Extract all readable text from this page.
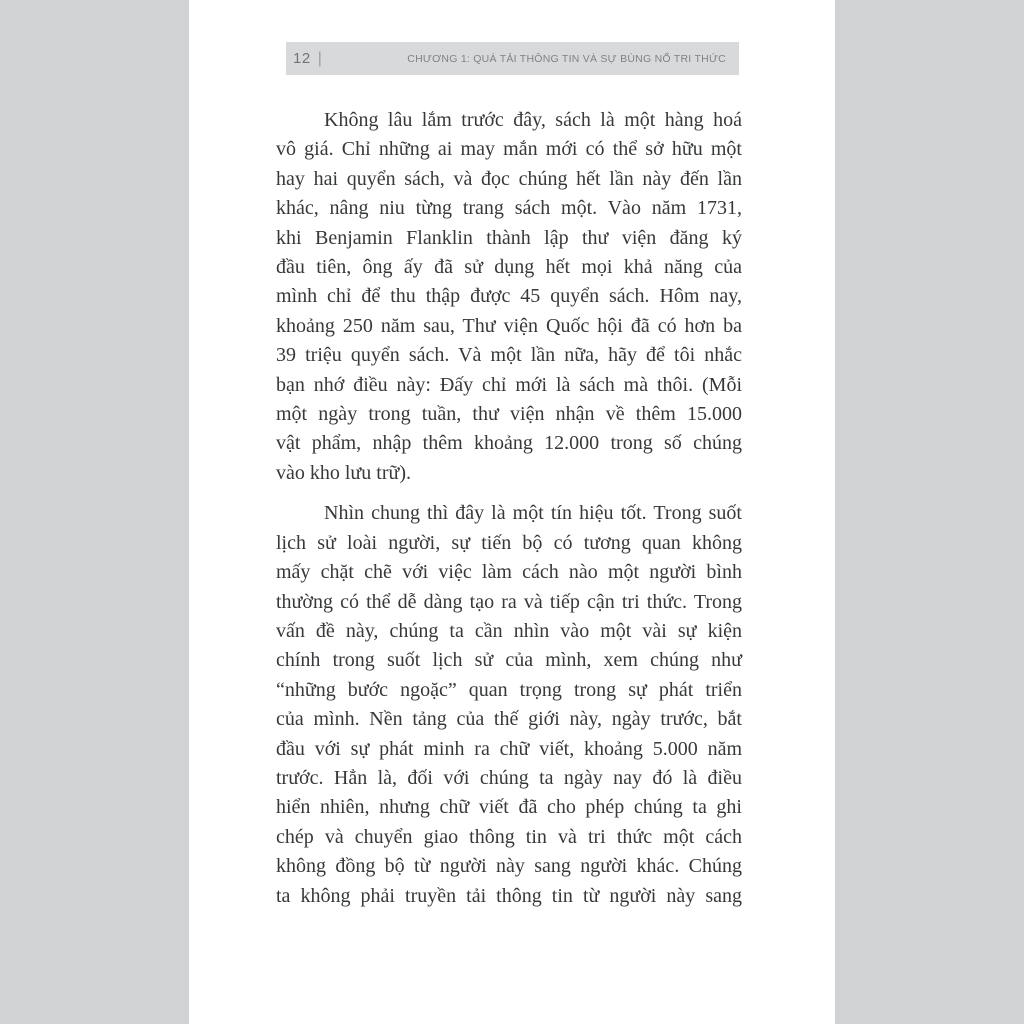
12 |	CHƯƠNG 1: QUÁ TẢI THÔNG TIN VÀ SỰ BÙNG NỔ TRI THỨC
Không lâu lắm trước đây, sách là một hàng hoá
vô giá. Chỉ những ai may mắn mới có thể sở hữu một
hay hai quyển sách, và đọc chúng hết lần này đến lần
khác, nâng niu từng trang sách một. Vào năm 1731,
khi Benjamin Flanklin thành lập thư viện đăng ký
đầu tiên, ông ấy đã sử dụng hết mọi khả năng của
mình chỉ để thu thập được 45 quyển sách. Hôm nay,
khoảng 250 năm sau, Thư viện Quốc hội đã có hơn ba
39 triệu quyển sách. Và một lần nữa, hãy để tôi nhắc
bạn nhớ điều này: Đấy chỉ mới là sách mà thôi. (Mỗi
một ngày trong tuần, thư viện nhận về thêm 15.000
vật phẩm, nhập thêm khoảng 12.000 trong số chúng
vào kho lưu trữ).
Nhìn chung thì đây là một tín hiệu tốt. Trong suốt
lịch sử loài người, sự tiến bộ có tương quan không
mấy chặt chẽ với việc làm cách nào một người bình
thường có thể dễ dàng tạo ra và tiếp cận tri thức. Trong
vấn đề này, chúng ta cần nhìn vào một vài sự kiện
chính trong suốt lịch sử của mình, xem chúng như
“những bước ngoặc” quan trọng trong sự phát triển
của mình. Nền tảng của thế giới này, ngày trước, bắt
đầu với sự phát minh ra chữ viết, khoảng 5.000 năm
trước. Hẳn là, đối với chúng ta ngày nay đó là điều
hiển nhiên, nhưng chữ viết đã cho phép chúng ta ghi
chép và chuyển giao thông tin và tri thức một cách
không đồng bộ từ người này sang người khác. Chúng
ta không phải truyền tải thông tin từ người này sang
